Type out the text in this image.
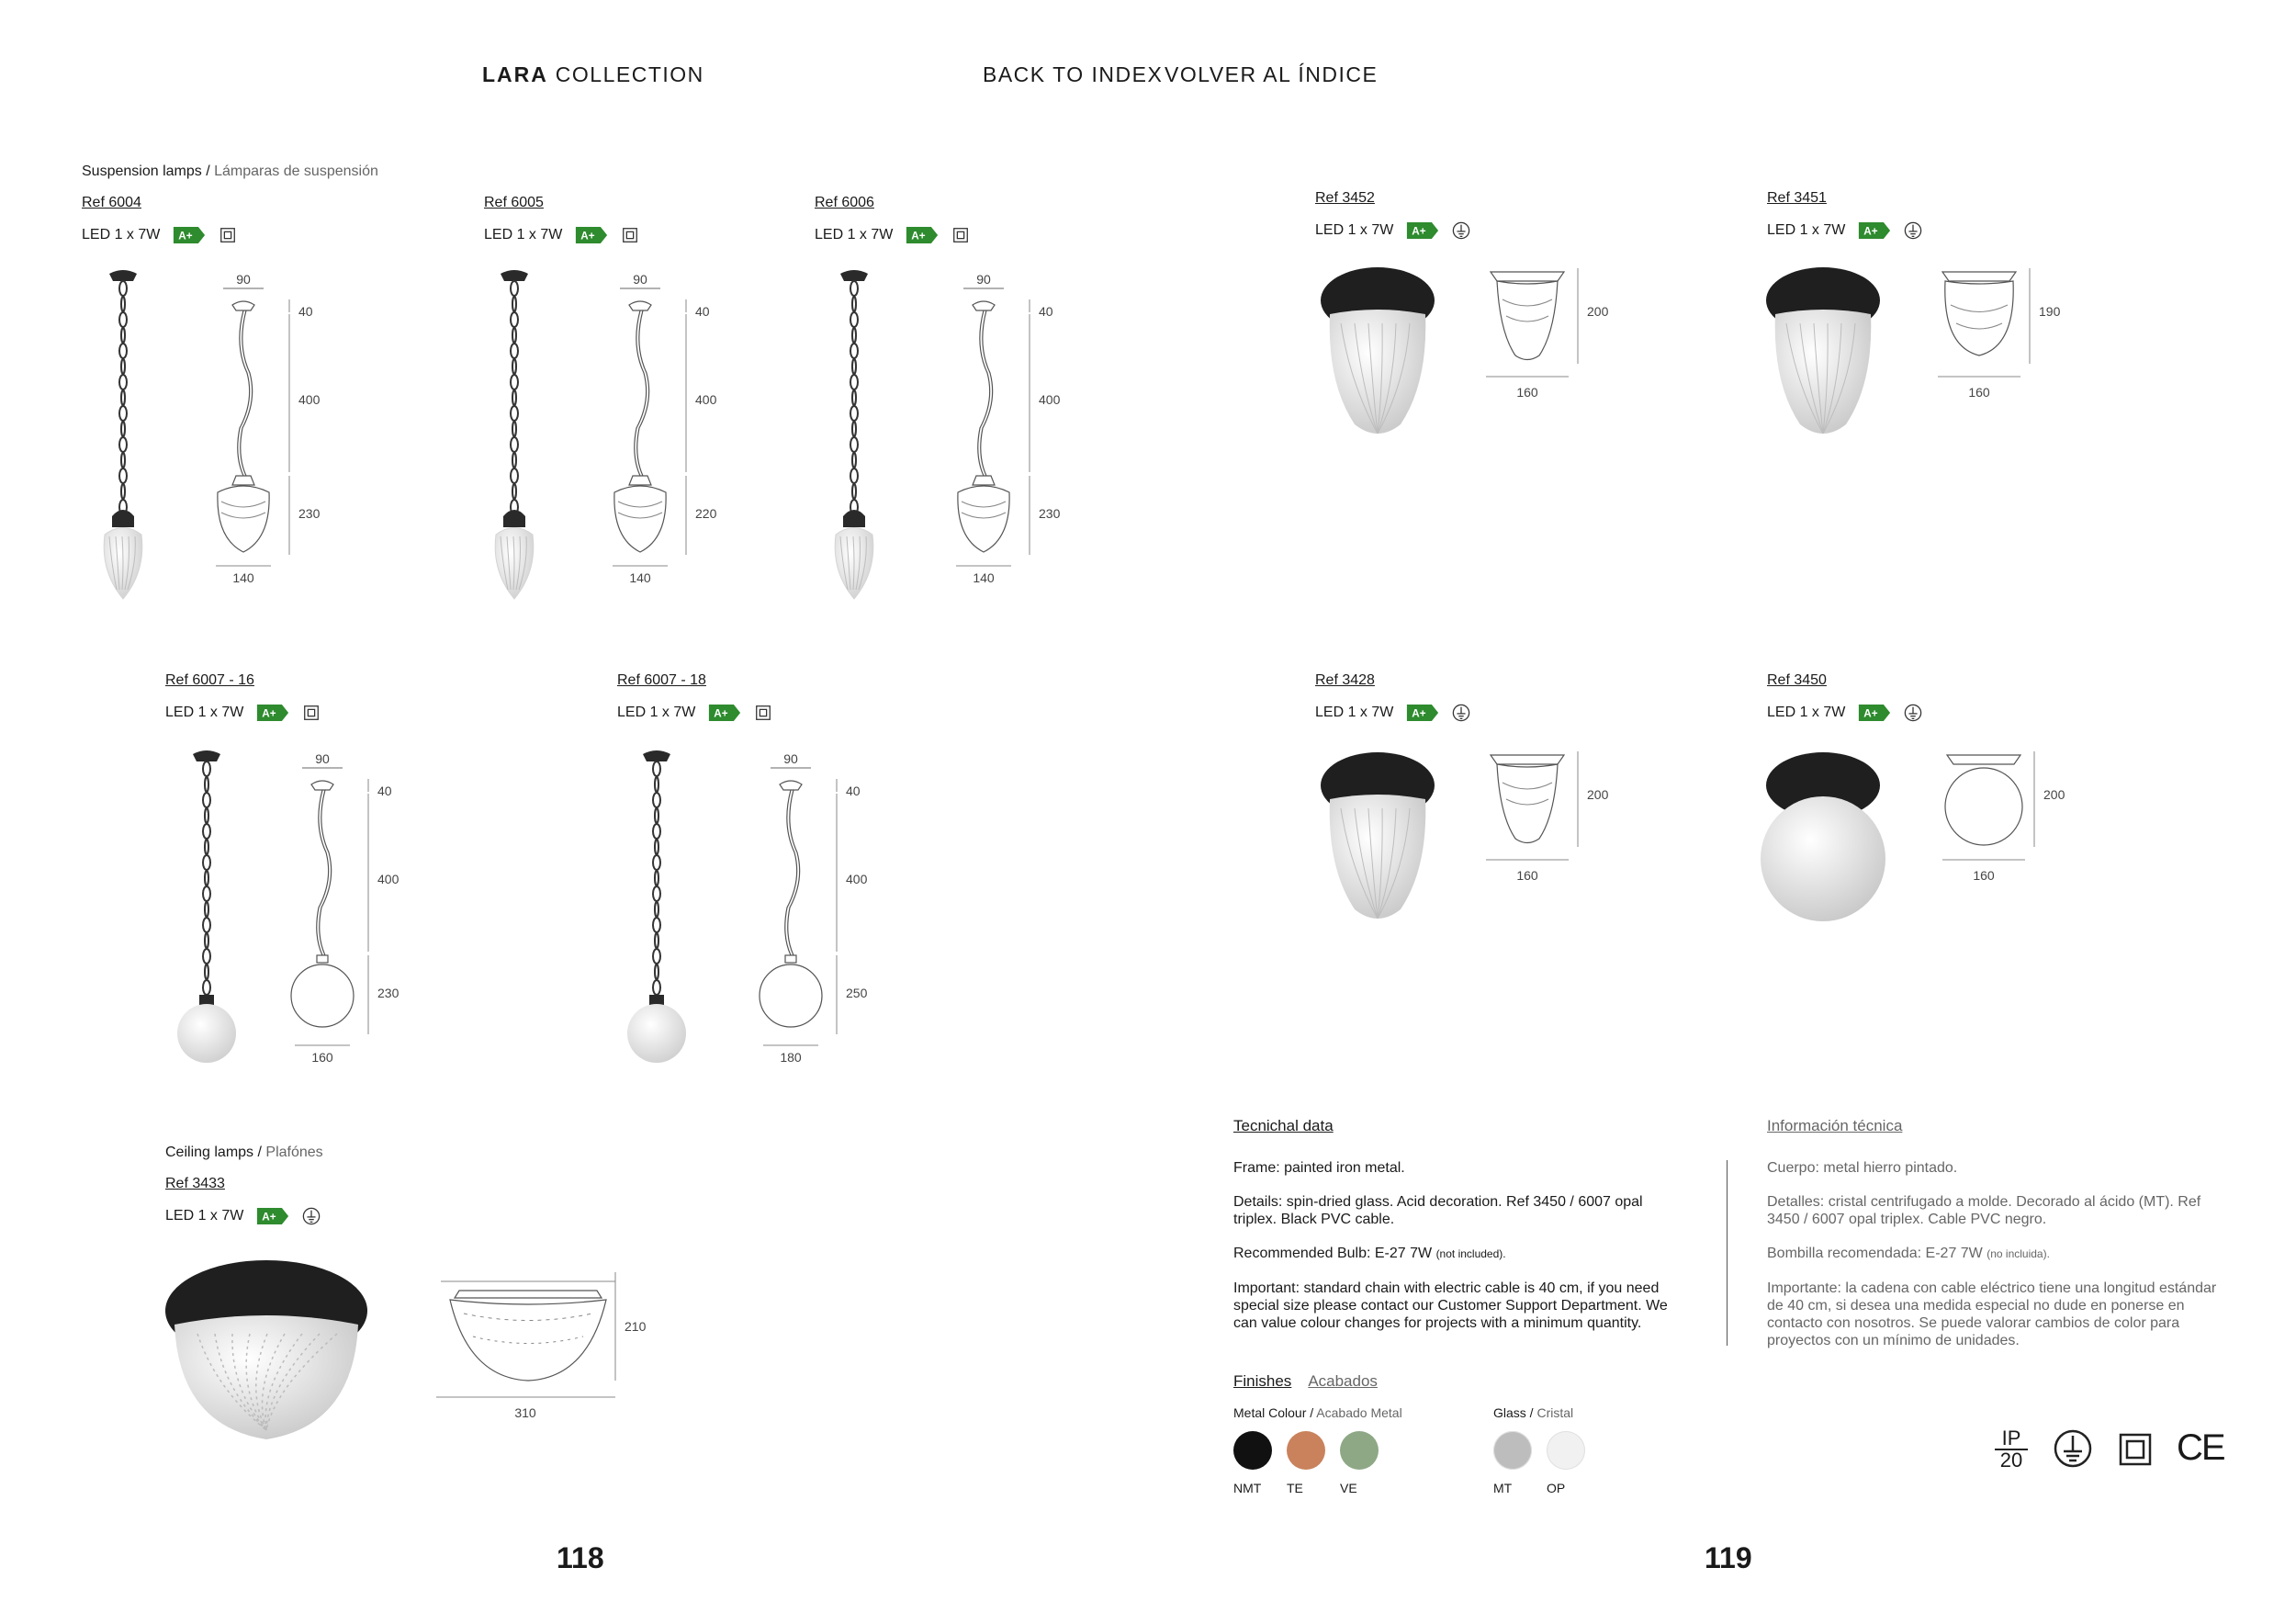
LARA COLLECTION	BACK TO INDEX VOLVER AL ÍNDICE
Suspension lamps / Lámparas de suspensión
Ref 6004
LED 1 x 7W A+
90
40
400
230
140
Ref 6005
LED 1 x 7W A+
90
40
400
220
140
Ref 6006
LED 1 x 7W A+
90
40
400
230
140
Ref 6007 - 16
LED 1 x 7W A+
90
40
400
230
160
Ref 6007 - 18
LED 1 x 7W A+
90
40
400
250
180
Ref 3433
LED 1 x 7W A+
210
310
Ref 3452
LED 1 x 7W A+
200
160
Ref 3451
LED 1 x 7W A+
190
160
Ref 3428
LED 1 x 7W A+
200
160
Ref 3450
LED 1 x 7W A+
200
160
Ceiling lamps / Plafónes
Tecnichal data

Frame: painted iron metal.

Details: spin-dried glass. Acid decoration. Ref 3450 / 6007 opal triplex. Black PVC cable.

Recommended Bulb: E-27 7W (not included).

Important: standard chain with electric cable is 40 cm, if you need special size please contact our Customer Support Department. We can value colour changes for projects with a minimum quantity.

Información técnica

Cuerpo: metal hierro pintado.

Detalles: cristal centrifugado a molde. Decorado al ácido (MT). Ref 3450 / 6007 opal triplex. Cable PVC negro.

Bombilla recomendada: E-27 7W (no incluida).

Importante: la cadena con cable eléctrico tiene una longitud estándar de 40 cm, si desea una medida especial no dude en ponerse en contacto con nosotros. Se puede valorar cambios de color para proyectos con un mínimo de unidades.

Finishes Acabados
Metal Colour / Acabado Metal	Glass / Cristal
NMT TE	VE	MT	OP
IP
20	CE
118	119
